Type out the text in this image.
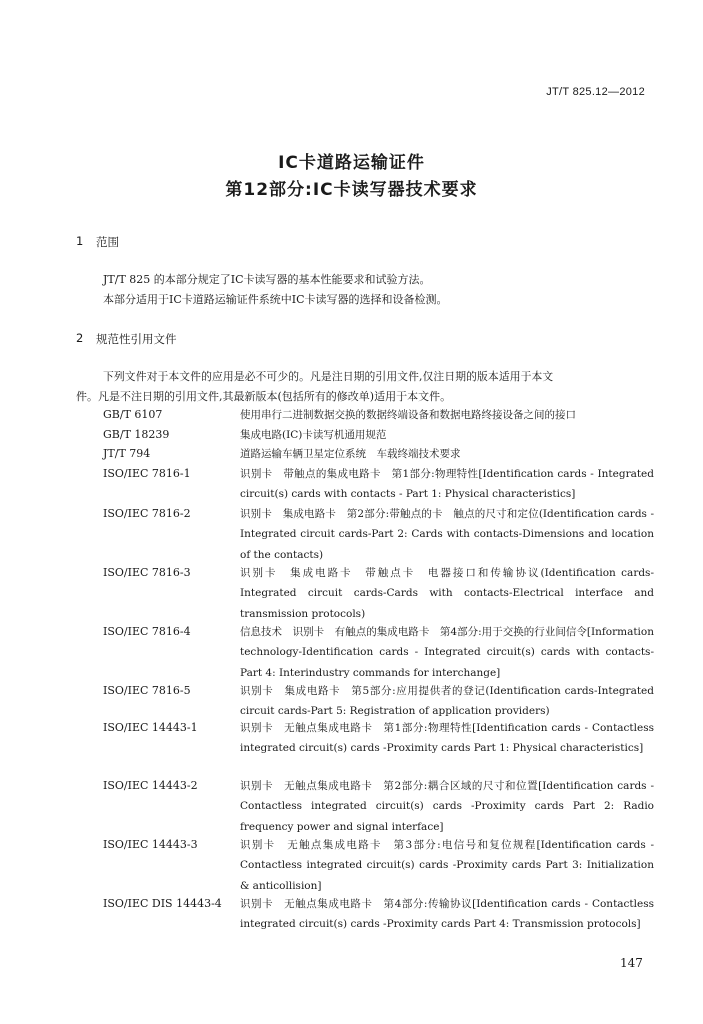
JT/T 825.12—2012
IC卡道路运输证件
第12部分:IC卡读写器技术要求
1 范围
JT/T 825 的本部分规定了IC卡读写器的基本性能要求和试验方法。
本部分适用于IC卡道路运输证件系统中IC卡读写器的选择和设备检测。
2 规范性引用文件
下列文件对于本文件的应用是必不可少的。凡是注日期的引用文件,仅注日期的版本适用于本文
件。凡是不注日期的引用文件,其最新版本(包括所有的修改单)适用于本文件。
GB/T 6107	使用串行二进制数据交换的数据终端设备和数据电路终接设备之间的接口
GB/T 18239	集成电路(IC)卡读写机通用规范
JT/T 794	道路运输车辆卫星定位系统　车载终端技术要求
ISO/IEC 7816-1	识别卡　带触点的集成电路卡　第1部分:物理特性[Identification cards - Integrated circuit(s) cards with contacts - Part 1: Physical characteristics]
ISO/IEC 7816-2	识别卡　集成电路卡　第2部分:带触点的卡　触点的尺寸和定位(Identification cards - Integrated circuit cards-Part 2: Cards with contacts-Dimensions and location of the contacts)
ISO/IEC 7816-3	识别卡　集成电路卡　带触点卡　电器接口和传输协议(Identification cards-Integrated circuit cards-Cards with contacts-Electrical interface and transmission protocols)
ISO/IEC 7816-4	信息技术　识别卡　有触点的集成电路卡　第4部分:用于交换的行业间信令[Information technology-Identification cards - Integrated circuit(s) cards with contacts-Part 4: Interindustry commands for interchange]
ISO/IEC 7816-5	识别卡　集成电路卡　第5部分:应用提供者的登记(Identification cards-Integrated circuit cards-Part 5: Registration of application providers)
ISO/IEC 14443-1	识别卡　无触点集成电路卡　第1部分:物理特性[Identification cards - Contactless integrated circuit(s) cards -Proximity cards Part 1: Physical characteristics]
ISO/IEC 14443-2	识别卡　无触点集成电路卡　第2部分:耦合区域的尺寸和位置[Identification cards - Contactless integrated circuit(s) cards -Proximity cards Part 2: Radio frequency power and signal interface]
ISO/IEC 14443-3	识别卡　无触点集成电路卡　第3部分:电信号和复位规程[Identification cards - Contactless integrated circuit(s) cards -Proximity cards Part 3: Initialization & anticollision]
ISO/IEC DIS 14443-4 识别卡　无触点集成电路卡　第4部分:传输协议[Identification cards - Contactless integrated circuit(s) cards -Proximity cards Part 4: Transmission protocols]
147
